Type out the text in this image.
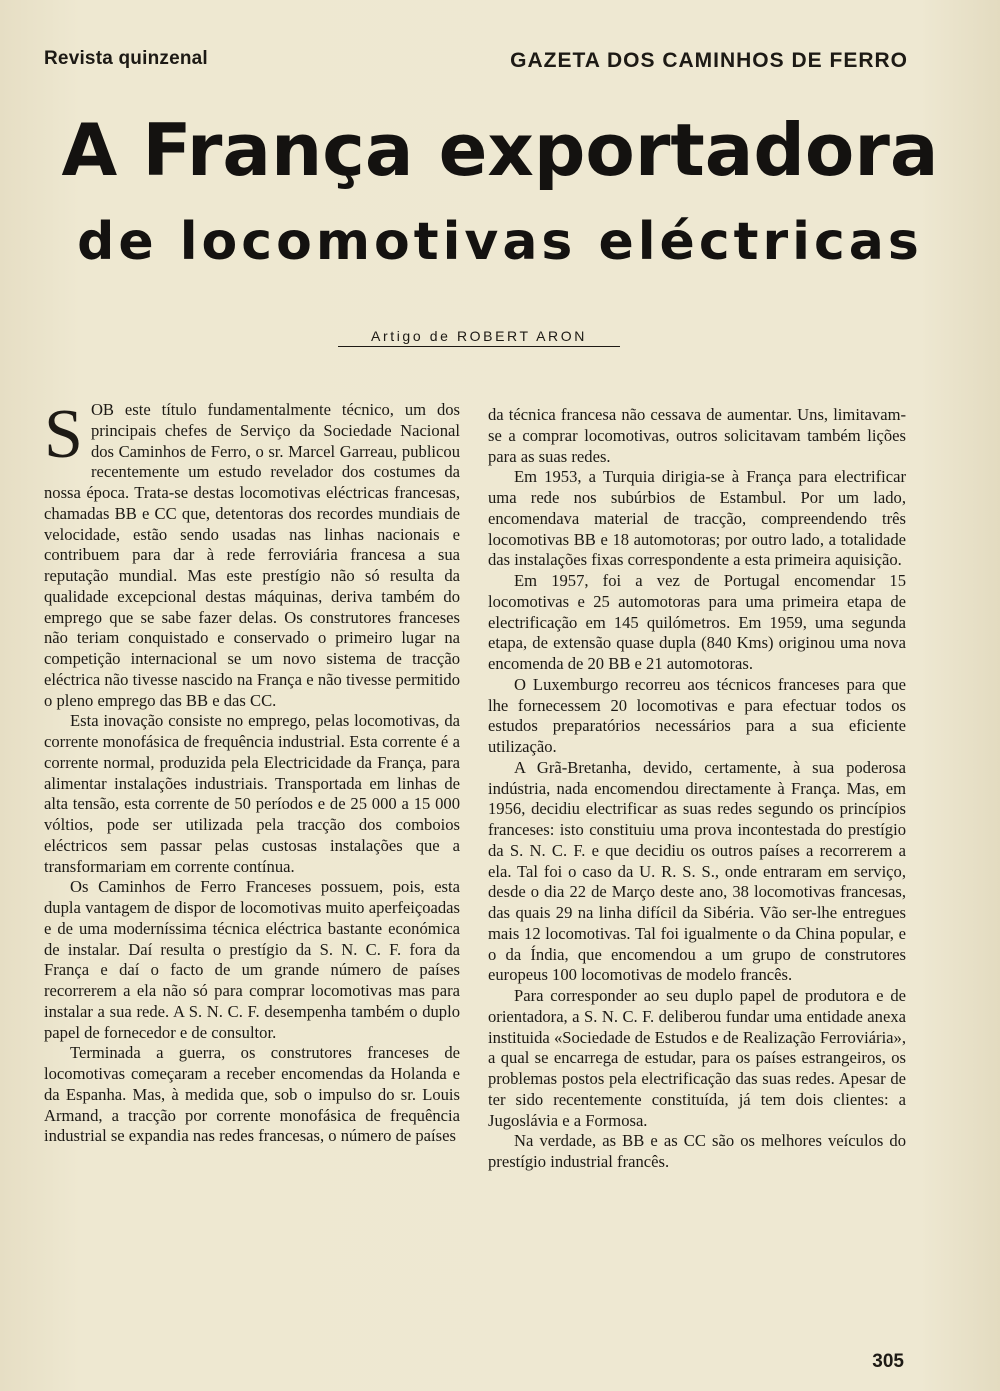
Revista quinzenal	GAZETA DOS CAMINHOS DE FERRO
A França exportadora
de locomotivas eléctricas
Artigo de ROBERT ARON

SOB este título fundamentalmente técnico, um dos principais chefes de Serviço da Sociedade Nacional dos Caminhos de Ferro, o sr. Marcel Garreau, publicou recentemente um estudo revelador dos costumes da nossa época. Trata-se destas locomotivas eléctricas francesas, chamadas BB e CC que, detentoras dos recordes mundiais de velocidade, estão sendo usadas nas linhas nacionais e contribuem para dar à rede ferroviária francesa a sua reputação mundial. Mas este prestígio não só resulta da qualidade excepcional destas máquinas, deriva também do emprego que se sabe fazer delas. Os construtores franceses não teriam conquistado e conservado o primeiro lugar na competição internacional se um novo sistema de tracção eléctrica não tivesse nascido na França e não tivesse permitido o pleno emprego das BB e das CC.

Esta inovação consiste no emprego, pelas locomotivas, da corrente monofásica de frequência industrial. Esta corrente é a corrente normal, produzida pela Electricidade da França, para alimentar instalações industriais. Transportada em linhas de alta tensão, esta corrente de 50 períodos e de 25 000 a 15 000 vóltios, pode ser utilizada pela tracção dos comboios eléctricos sem passar pelas custosas instalações que a transformariam em corrente contínua.

Os Caminhos de Ferro Franceses possuem, pois, esta dupla vantagem de dispor de locomotivas muito aperfeiçoadas e de uma moderníssima técnica eléctrica bastante económica de instalar. Daí resulta o prestígio da S. N. C. F. fora da França e daí o facto de um grande número de países recorrerem a ela não só para comprar locomotivas mas para instalar a sua rede. A S. N. C. F. desempenha também o duplo papel de fornecedor e de consultor.

Terminada a guerra, os construtores franceses de locomotivas começaram a receber encomendas da Holanda e da Espanha. Mas, à medida que, sob o impulso do sr. Louis Armand, a tracção por corrente monofásica de frequência industrial se expandia nas redes francesas, o número de países

da técnica francesa não cessava de aumentar. Uns, limitavam-se a comprar locomotivas, outros solicitavam também lições para as suas redes.

Em 1953, a Turquia dirigia-se à França para electrificar uma rede nos subúrbios de Estambul. Por um lado, encomendava material de tracção, compreendendo três locomotivas BB e 18 automotoras; por outro lado, a totalidade das instalações fixas correspondente a esta primeira aquisição.

Em 1957, foi a vez de Portugal encomendar 15 locomotivas e 25 automotoras para uma primeira etapa de electrificação em 145 quilómetros. Em 1959, uma segunda etapa, de extensão quase dupla (840 Kms) originou uma nova encomenda de 20 BB e 21 automotoras.

O Luxemburgo recorreu aos técnicos franceses para que lhe fornecessem 20 locomotivas e para efectuar todos os estudos preparatórios necessários para a sua eficiente utilização.

A Grã-Bretanha, devido, certamente, à sua poderosa indústria, nada encomendou directamente à França. Mas, em 1956, decidiu electrificar as suas redes segundo os princípios franceses: isto constituiu uma prova incontestada do prestígio da S. N. C. F. e que decidiu os outros países a recorrerem a ela. Tal foi o caso da U. R. S. S., onde entraram em serviço, desde o dia 22 de Março deste ano, 38 locomotivas francesas, das quais 29 na linha difícil da Sibéria. Vão ser-lhe entregues mais 12 locomotivas. Tal foi igualmente o da China popular, e o da Índia, que encomendou a um grupo de construtores europeus 100 locomotivas de modelo francês.

Para corresponder ao seu duplo papel de produtora e de orientadora, a S. N. C. F. deliberou fundar uma entidade anexa instituida «Sociedade de Estudos e de Realização Ferroviária», a qual se encarrega de estudar, para os países estrangeiros, os problemas postos pela electrificação das suas redes. Apesar de ter sido recentemente constituída, já tem dois clientes: a Jugoslávia e a Formosa.

Na verdade, as BB e as CC são os melhores veículos do prestígio industrial francês.

305
